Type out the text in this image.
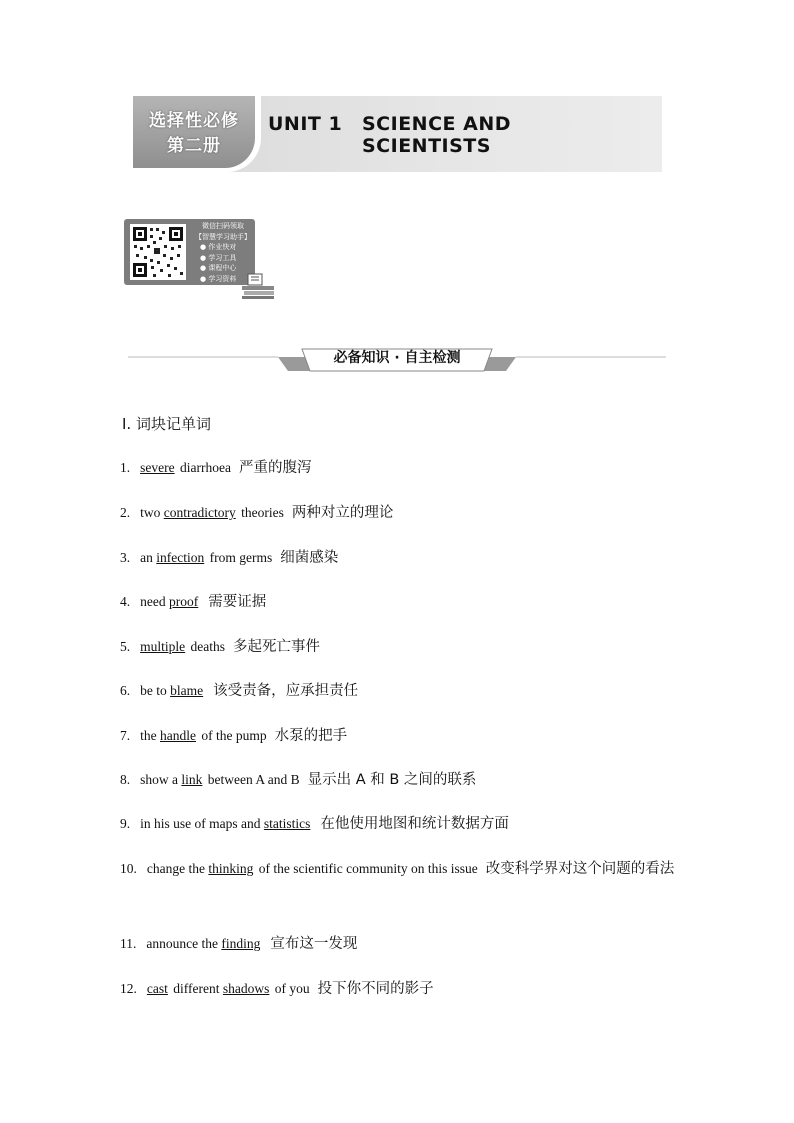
选择性必修
第二册
UNIT 1 SCIENCE AND
SCIENTISTS
微信扫码领取
【智慧学习助手】
● 作业快对
● 学习工具
● 课程中心
● 学习资料
必备知识 · 自主检测
Ⅰ. 词块记单词
1. severe diarrhoea 严重的腹泻
2. two contradictory theories 两种对立的理论
3. an infection from germs 细菌感染
4. need proof 需要证据
5. multiple deaths 多起死亡事件
6. be to blame 该受责备，应承担责任
7. the handle of the pump 水泵的把手
8. show a link between A and B 显示出 A 和 B 之间的联系
9. in his use of maps and statistics 在他使用地图和统计数据方面
10. change the thinking of the scientific community on this issue 改变科学界对这个问题的看法
11. announce the finding 宣布这一发现
12. cast different shadows of you 投下你不同的影子
